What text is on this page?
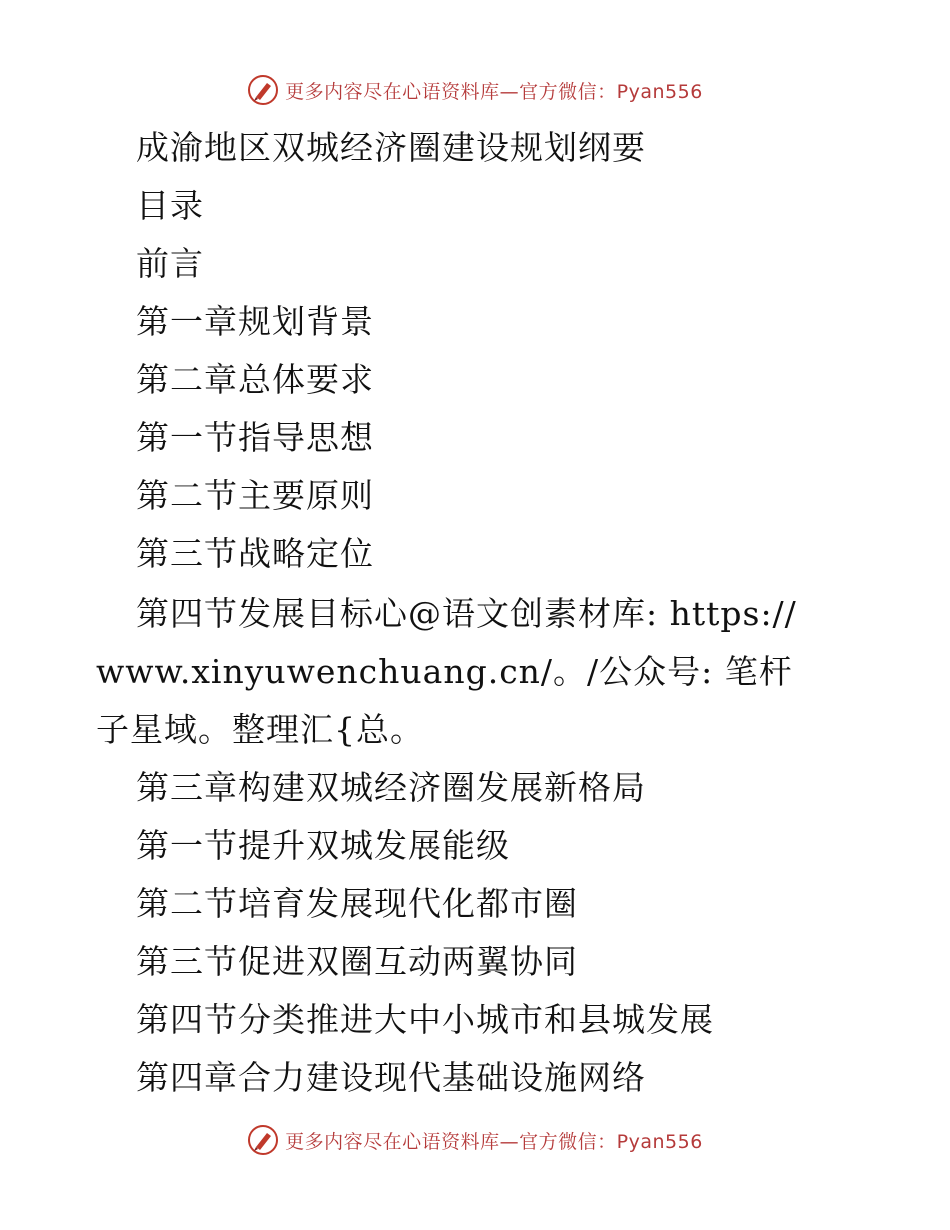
更多内容尽在心语资料库—官方微信：Pyan556
成渝地区双城经济圈建设规划纲要
目录
前言
第一章规划背景
第二章总体要求
第一节指导思想
第二节主要原则
第三节战略定位
第四节发展目标心@语文创素材库: https://www.xinyuwenchuang.cn/。/公众号: 笔杆子星域。整理汇{总。
第三章构建双城经济圈发展新格局
第一节提升双城发展能级
第二节培育发展现代化都市圈
第三节促进双圈互动两翼协同
第四节分类推进大中小城市和县城发展
第四章合力建设现代基础设施网络
更多内容尽在心语资料库—官方微信：Pyan556
